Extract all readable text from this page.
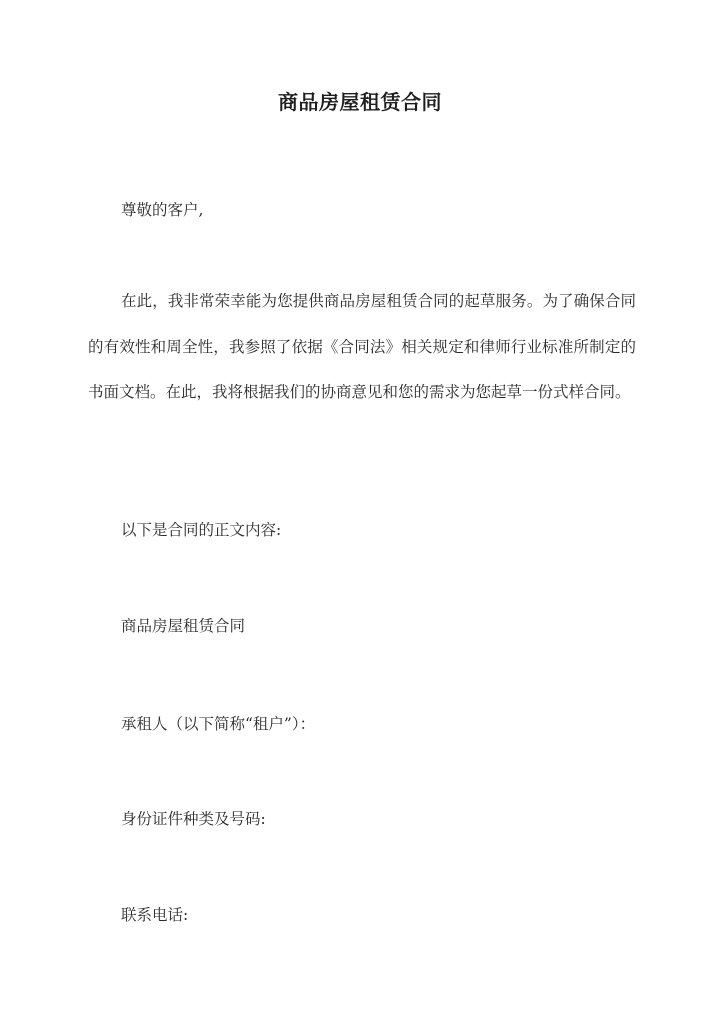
商品房屋租赁合同

尊敬的客户,

在此，我非常荣幸能为您提供商品房屋租赁合同的起草服务。为了确保合同的有效性和周全性，我参照了依据《合同法》相关规定和律师行业标准所制定的书面文档。在此，我将根据我们的协商意见和您的需求为您起草一份式样合同。

以下是合同的正文内容:

商品房屋租赁合同

承租人（以下简称“租户”）：

身份证件种类及号码:

联系电话:
